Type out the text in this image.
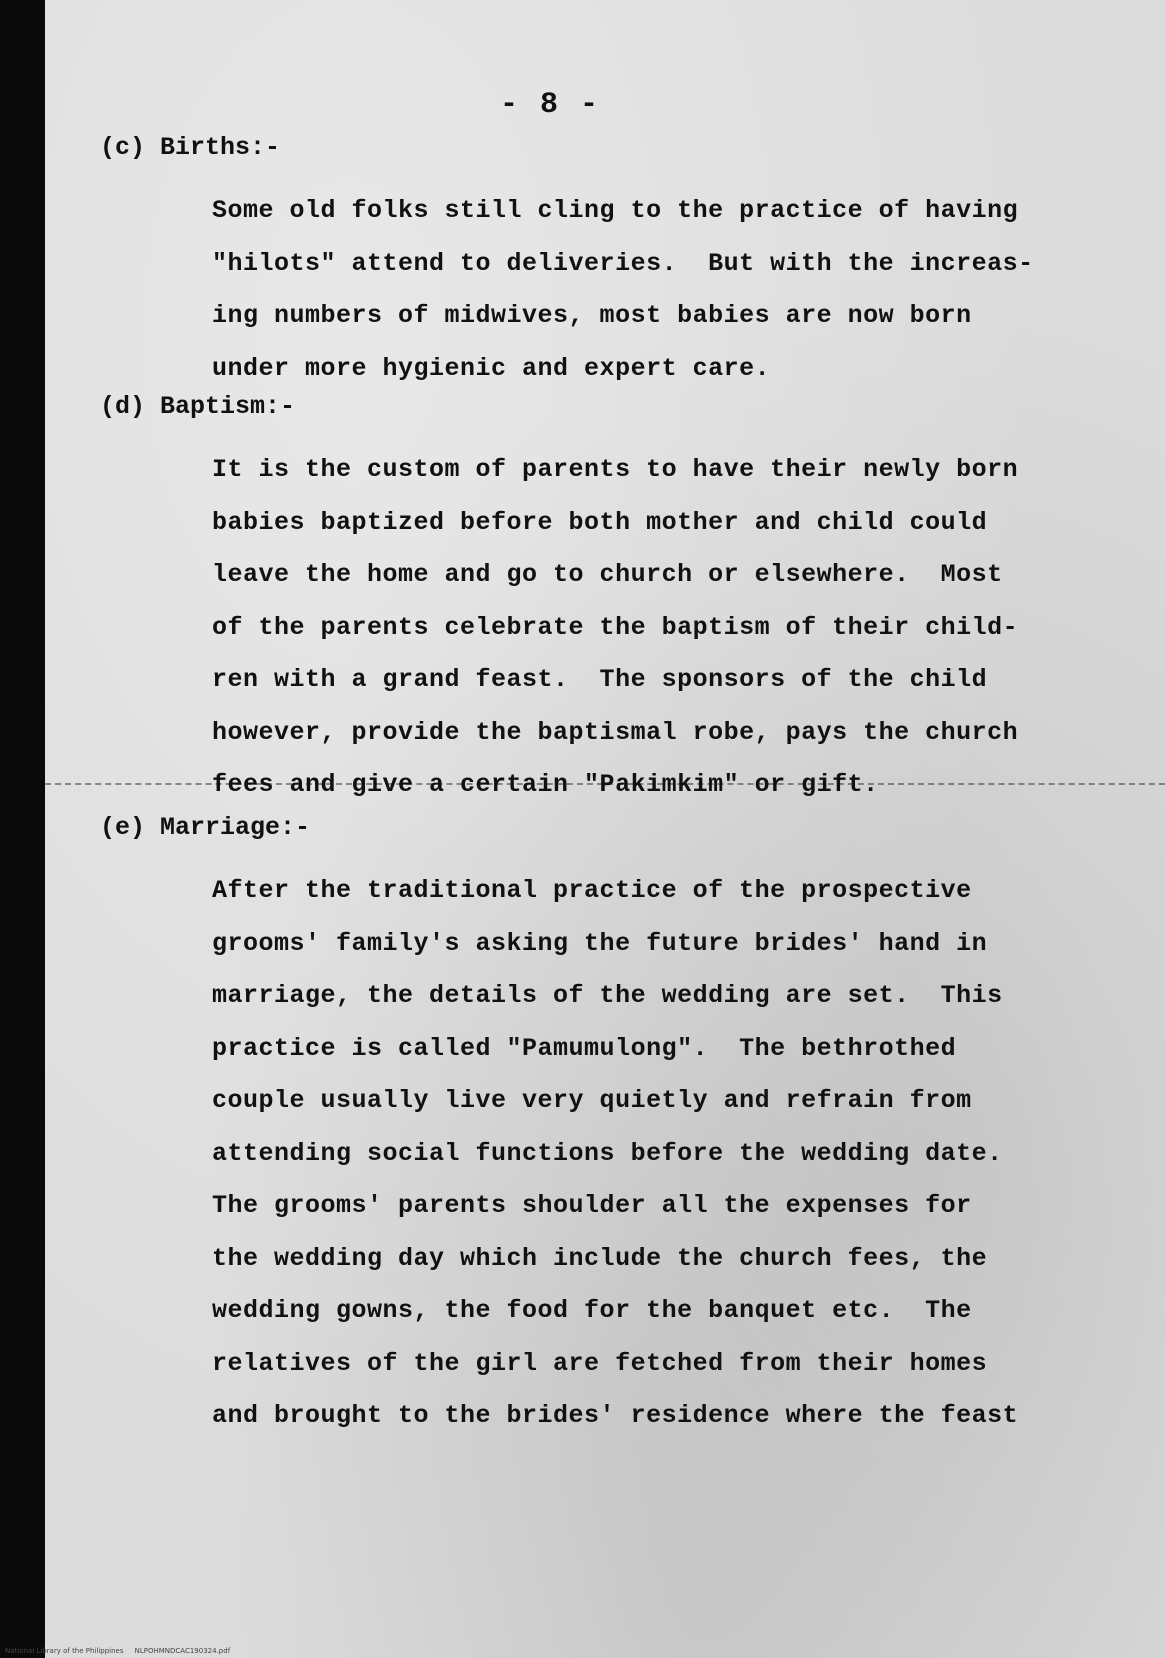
- 8 -
(c) Births:-
Some old folks still cling to the practice of having
"hilots" attend to deliveries.  But with the increas-
ing numbers of midwives, most babies are now born
under more hygienic and expert care.
(d) Baptism:-
It is the custom of parents to have their newly born
babies baptized before both mother and child could
leave the home and go to church or elsewhere.  Most
of the parents celebrate the baptism of their child-
ren with a grand feast.  The sponsors of the child
however, provide the baptismal robe, pays the church
fees and give a certain "Pakimkim" or gift.
(e) Marriage:-
After the traditional practice of the prospective
grooms' family's asking the future brides' hand in
marriage, the details of the wedding are set.  This
practice is called "Pamumulong".  The bethrothed
couple usually live very quietly and refrain from
attending social functions before the wedding date.
The grooms' parents shoulder all the expenses for
the wedding day which include the church fees, the
wedding gowns, the food for the banquet etc.  The
relatives of the girl are fetched from their homes
and brought to the brides' residence where the feast
National Library of the Philippines     NLPOHMNDCAC190324.pdf
